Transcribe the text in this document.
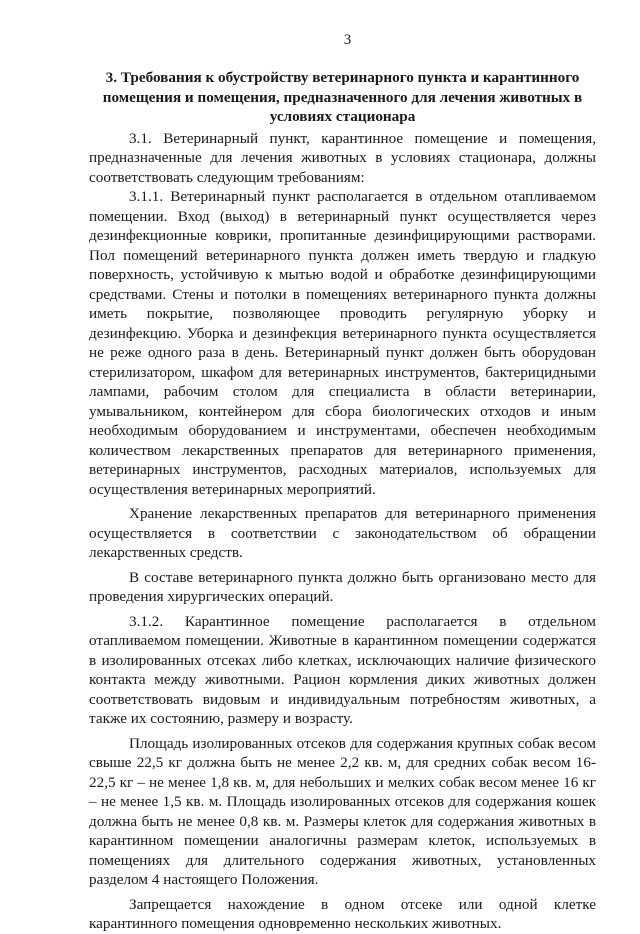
3
3. Требования к обустройству ветеринарного пункта и карантинного помещения и помещения, предназначенного для лечения животных в условиях стационара

3.1. Ветеринарный пункт, карантинное помещение и помещения, предназначенные для лечения животных в условиях стационара, должны соответствовать следующим требованиям:

3.1.1. Ветеринарный пункт располагается в отдельном отапливаемом помещении. Вход (выход) в ветеринарный пункт осуществляется через дезинфекционные коврики, пропитанные дезинфицирующими растворами. Пол помещений ветеринарного пункта должен иметь твердую и гладкую поверхность, устойчивую к мытью водой и обработке дезинфицирующими средствами. Стены и потолки в помещениях ветеринарного пункта должны иметь покрытие, позволяющее проводить регулярную уборку и дезинфекцию. Уборка и дезинфекция ветеринарного пункта осуществляется не реже одного раза в день. Ветеринарный пункт должен быть оборудован стерилизатором, шкафом для ветеринарных инструментов, бактерицидными лампами, рабочим столом для специалиста в области ветеринарии, умывальником, контейнером для сбора биологических отходов и иным необходимым оборудованием и инструментами, обеспечен необходимым количеством лекарственных препаратов для ветеринарного применения, ветеринарных инструментов, расходных материалов, используемых для осуществления ветеринарных мероприятий.

Хранение лекарственных препаратов для ветеринарного применения осуществляется в соответствии с законодательством об обращении лекарственных средств.

В составе ветеринарного пункта должно быть организовано место для проведения хирургических операций.

3.1.2. Карантинное помещение располагается в отдельном отапливаемом помещении. Животные в карантинном помещении содержатся в изолированных отсеках либо клетках, исключающих наличие физического контакта между животными. Рацион кормления диких животных должен соответствовать видовым и индивидуальным потребностям животных, а также их состоянию, размеру и возрасту.

Площадь изолированных отсеков для содержания крупных собак весом свыше 22,5 кг должна быть не менее 2,2 кв. м, для средних собак весом 16-22,5 кг – не менее 1,8 кв. м, для небольших и мелких собак весом менее 16 кг – не менее 1,5 кв. м. Площадь изолированных отсеков для содержания кошек должна быть не менее 0,8 кв. м. Размеры клеток для содержания животных в карантинном помещении аналогичны размерам клеток, используемых в помещениях для длительного содержания животных, установленных разделом 4 настоящего Положения.

Запрещается нахождение в одном отсеке или одной клетке карантинного помещения одновременно нескольких животных.
